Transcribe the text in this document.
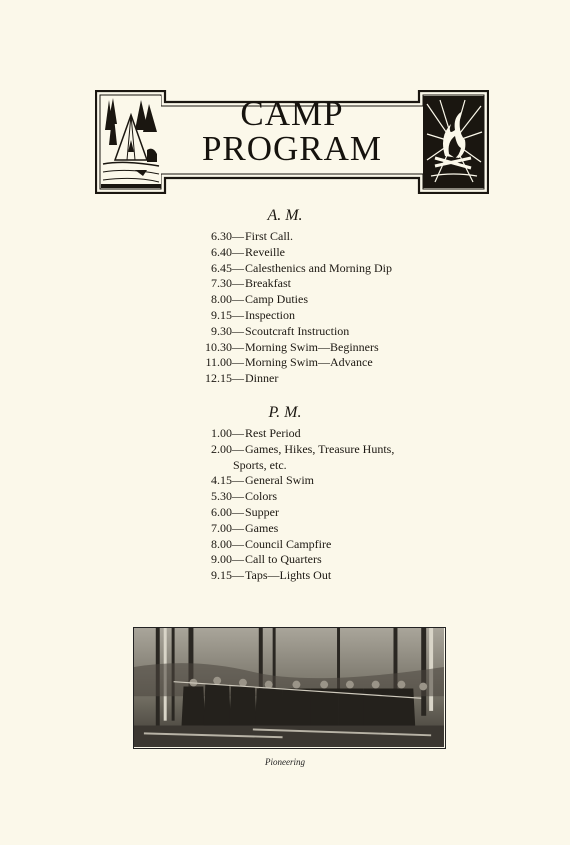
CAMP
PROGRAM
A. M.
6.30 — First Call.
6.40 — Reveille
6.45 — Calesthenics and Morning Dip
7.30 — Breakfast
8.00 — Camp Duties
9.15 — Inspection
9.30 — Scoutcraft Instruction
10.30 — Morning Swim—Beginners
11.00 — Morning Swim—Advance
12.15 — Dinner
P. M.
1.00 — Rest Period
2.00 — Games, Hikes, Treasure Hunts,
Sports, etc.
4.15 — General Swim
5.30 — Colors
6.00 — Supper
7.00 — Games
8.00 — Council Campfire
9.00 — Call to Quarters
9.15 — Taps—Lights Out
Pioneering
